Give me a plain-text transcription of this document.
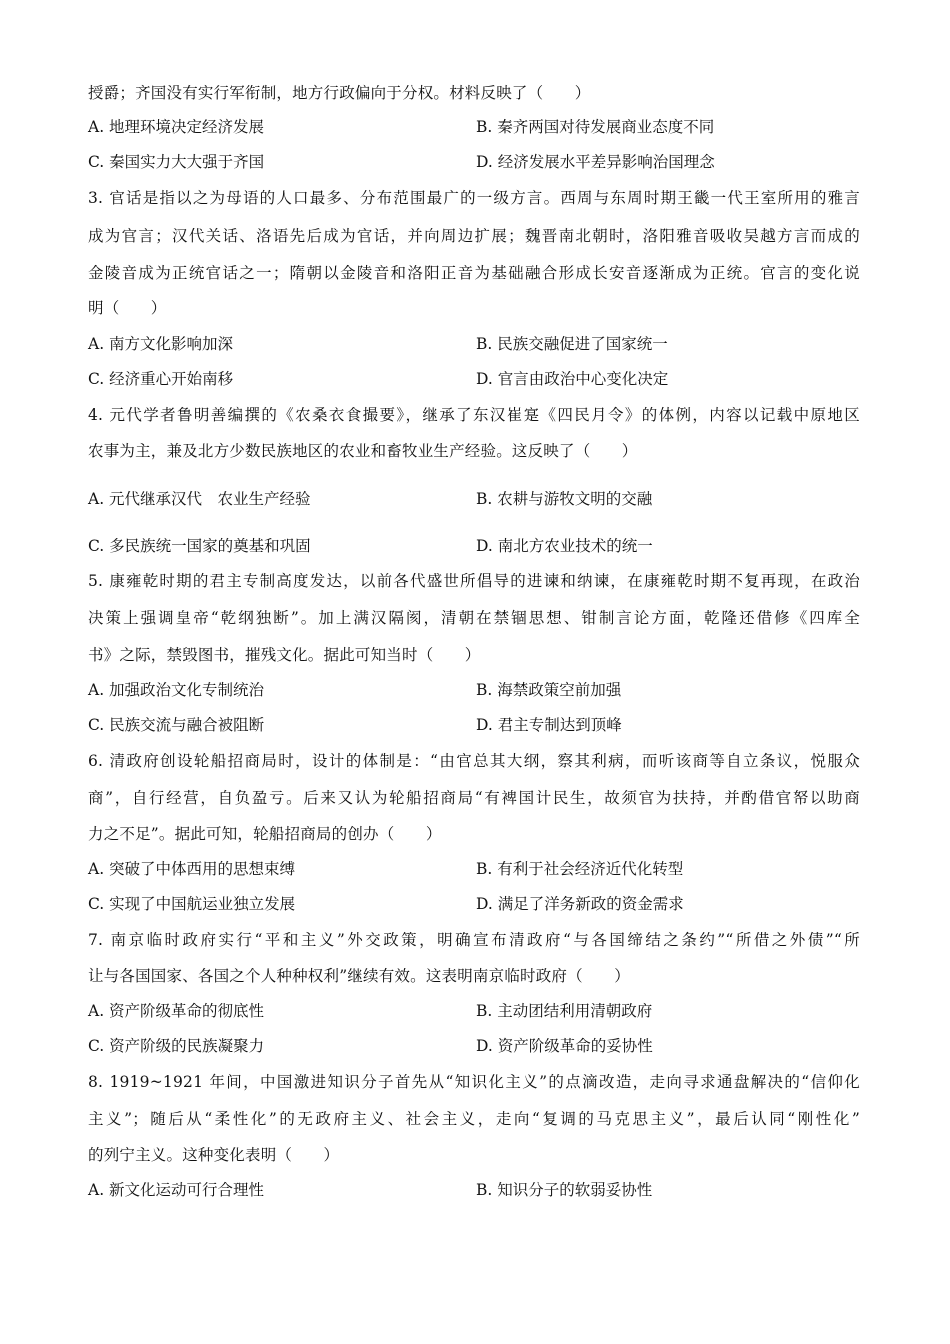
授爵；齐国没有实行军衔制，地方行政偏向于分权。材料反映了（　　）
A. 地理环境决定经济发展	B. 秦齐两国对待发展商业态度不同
C. 秦国实力大大强于齐国	D. 经济发展水平差异影响治国理念
3. 官话是指以之为母语的人口最多、分布范围最广的一级方言。西周与东周时期王畿一代王室所用的雅言
成为官言；汉代关话、洛语先后成为官话，并向周边扩展；魏晋南北朝时，洛阳雅音吸收吴越方言而成的
金陵音成为正统官话之一；隋朝以金陵音和洛阳正音为基础融合形成长安音逐渐成为正统。官言的变化说
明（　　）
A. 南方文化影响加深	B. 民族交融促进了国家统一
C. 经济重心开始南移	D. 官言由政治中心变化决定
4. 元代学者鲁明善编撰的《农桑衣食撮要》，继承了东汉崔寔《四民月令》的体例，内容以记载中原地区
农事为主，兼及北方少数民族地区的农业和畜牧业生产经验。这反映了（　　）
A. 元代继承汉代　农业生产经验	B. 农耕与游牧文明的交融
C. 多民族统一国家的奠基和巩固	D. 南北方农业技术的统一
5. 康雍乾时期的君主专制高度发达，以前各代盛世所倡导的进谏和纳谏，在康雍乾时期不复再现，在政治
决策上强调皇帝“乾纲独断”。加上满汉隔阂，清朝在禁锢思想、钳制言论方面，乾隆还借修《四库全
书》之际，禁毁图书，摧残文化。据此可知当时（　　）
A. 加强政治文化专制统治	B. 海禁政策空前加强
C. 民族交流与融合被阻断	D. 君主专制达到顶峰
6. 清政府创设轮船招商局时，设计的体制是：“由官总其大纲，察其利病，而听该商等自立条议，悦服众
商”，自行经营，自负盈亏。后来又认为轮船招商局“有裨国计民生，故须官为扶持，并酌借官帑以助商
力之不足”。据此可知，轮船招商局的创办（　　）
A. 突破了中体西用的思想束缚	B. 有利于社会经济近代化转型
C. 实现了中国航运业独立发展	D. 满足了洋务新政的资金需求
7. 南京临时政府实行“平和主义”外交政策，明确宣布清政府“与各国缔结之条约”“所借之外债”“所
让与各国国家、各国之个人种种权利”继续有效。这表明南京临时政府（　　）
A. 资产阶级革命的彻底性	B. 主动团结利用清朝政府
C. 资产阶级的民族凝聚力	D. 资产阶级革命的妥协性
8. 1919~1921 年间，中国激进知识分子首先从“知识化主义”的点滴改造，走向寻求通盘解决的“信仰化
主义”；随后从“柔性化”的无政府主义、社会主义，走向“复调的马克思主义”，最后认同“刚性化”
的列宁主义。这种变化表明（　　）
A. 新文化运动可行合理性	B. 知识分子的软弱妥协性
